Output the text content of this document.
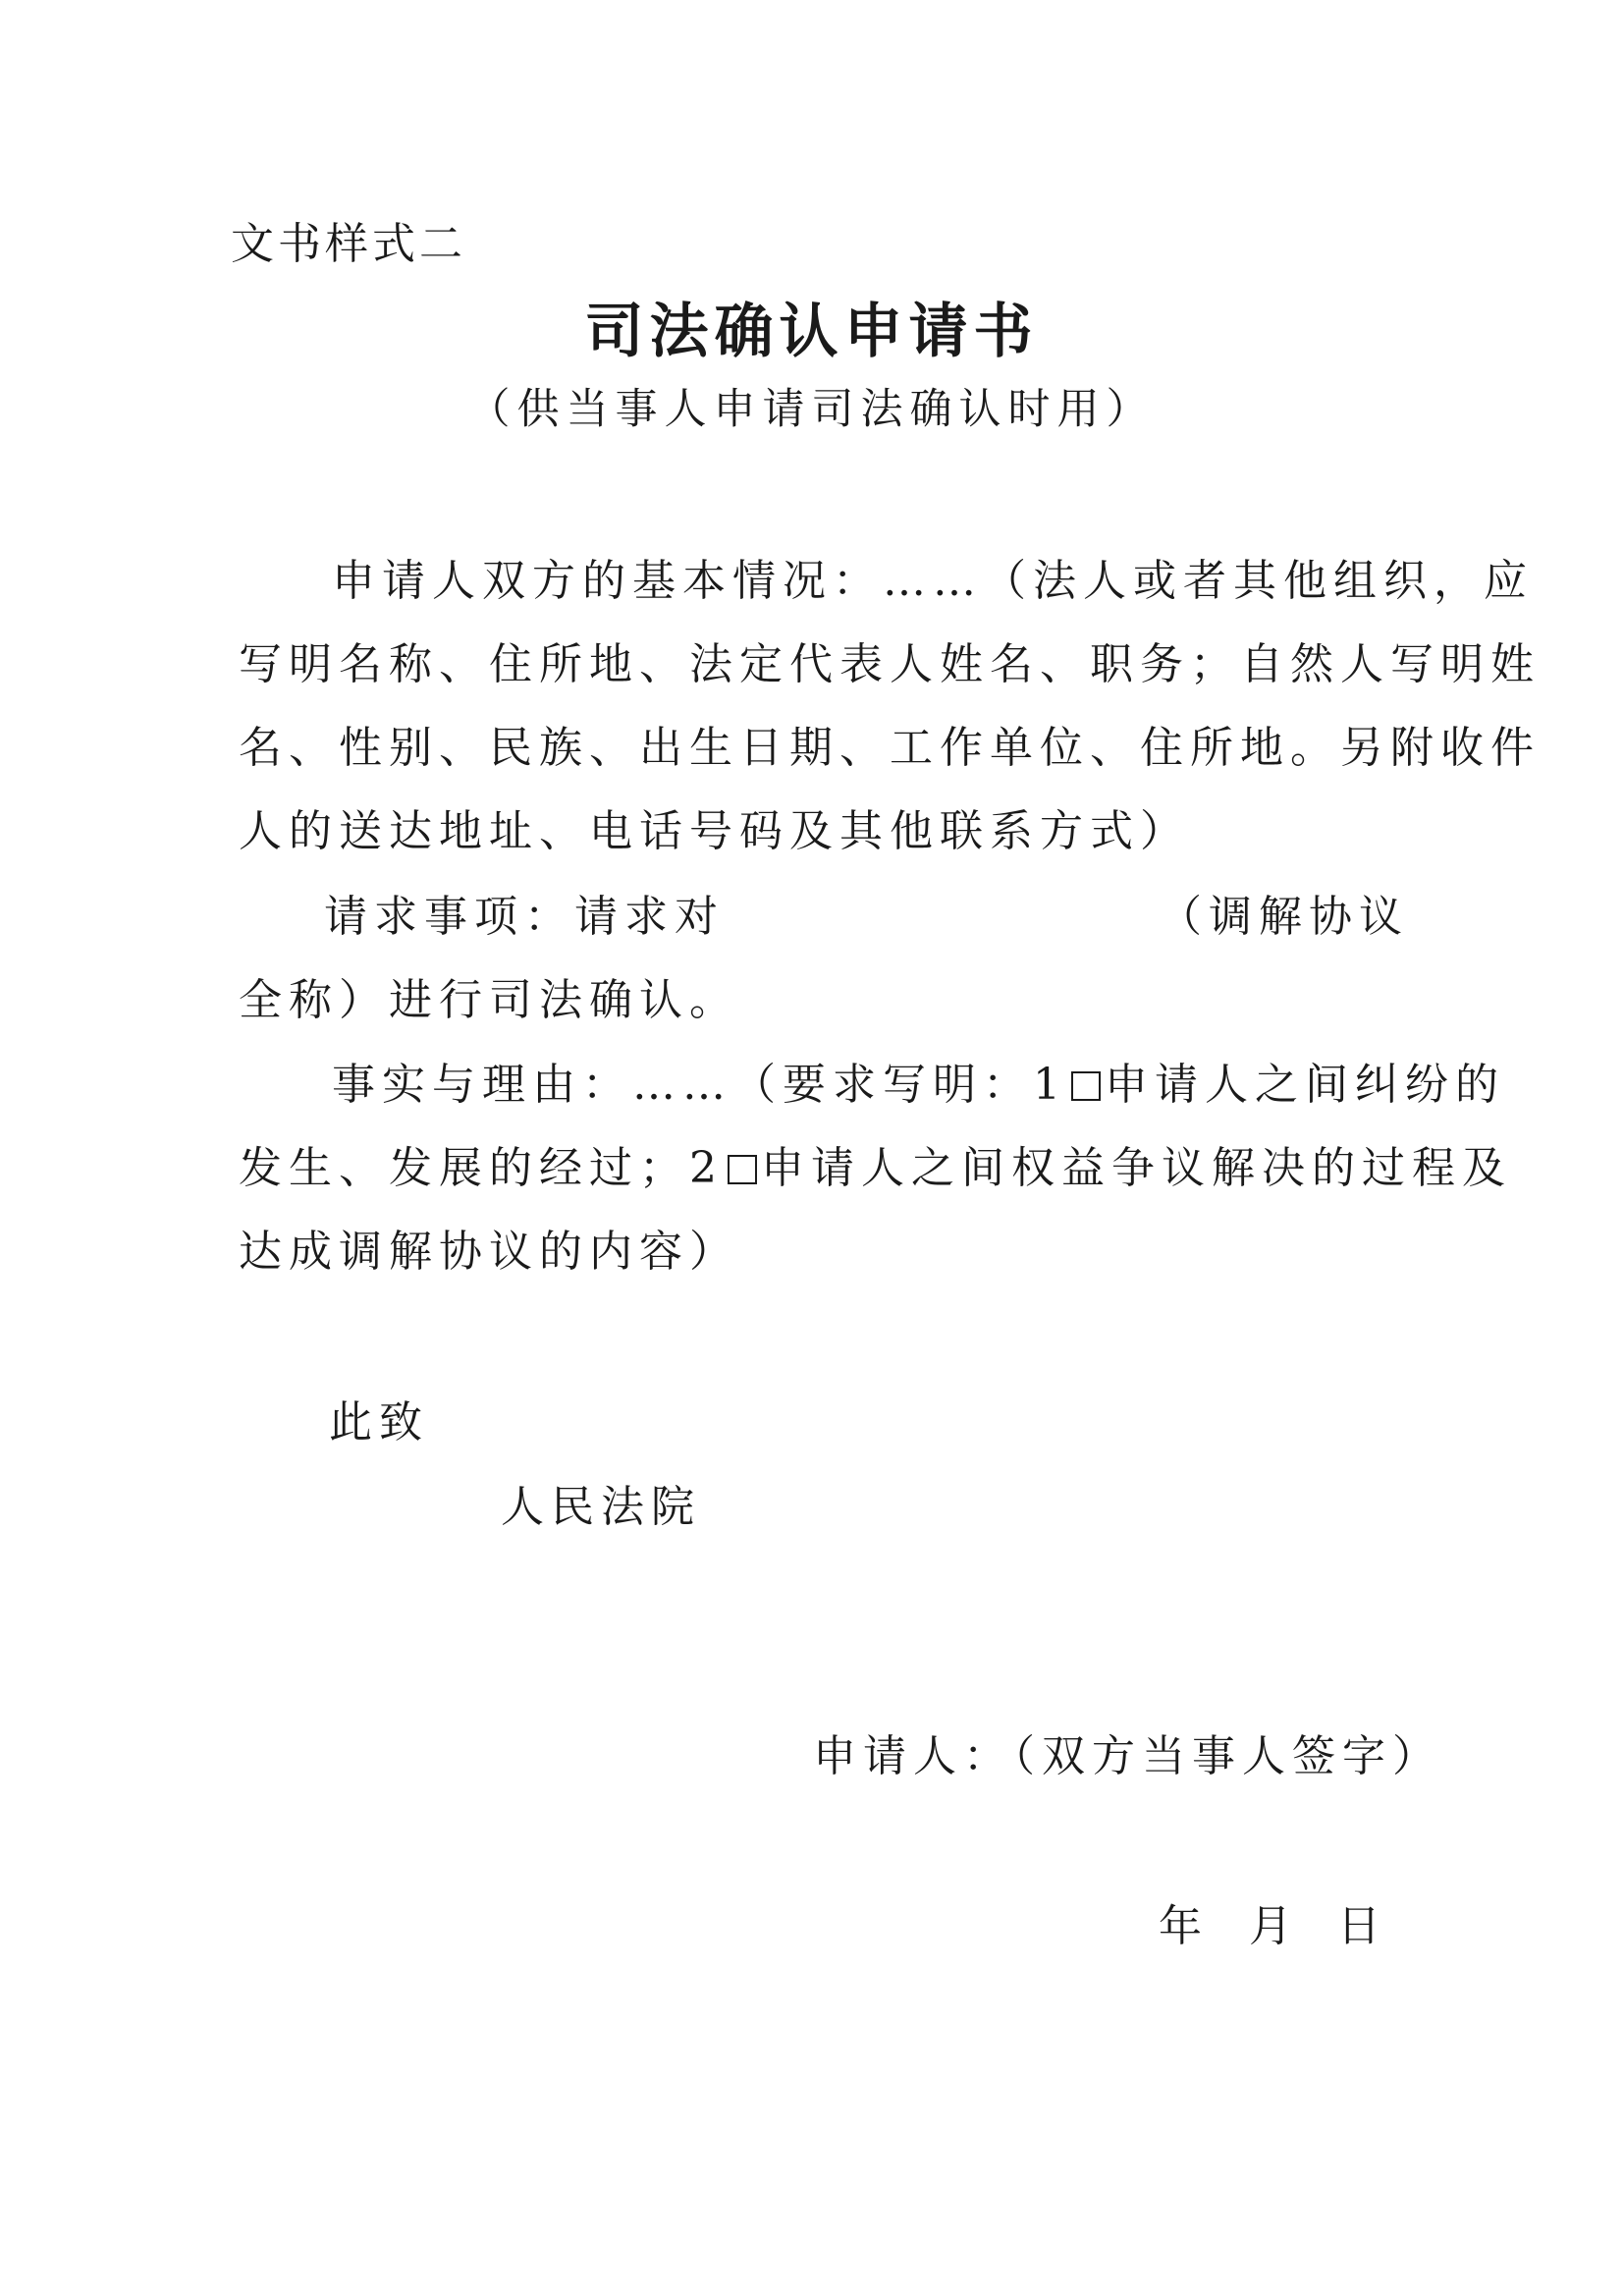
文书样式二
司法确认申请书
（供当事人申请司法确认时用）
申请人双方的基本情况：……（法人或者其他组织，应
写明名称、住所地、法定代表人姓名、职务；自然人写明姓
名、性别、民族、出生日期、工作单位、住所地。另附收件
人的送达地址、电话号码及其他联系方式）
请求事项：请求对	（调解协议
全称）进行司法确认。
事实与理由：……（要求写明：1 申请人之间纠纷的
发生、发展的经过；2 申请人之间权益争议解决的过程及
达成调解协议的内容）
此致
人民法院
申请人：（双方当事人签字）
年 月 日
